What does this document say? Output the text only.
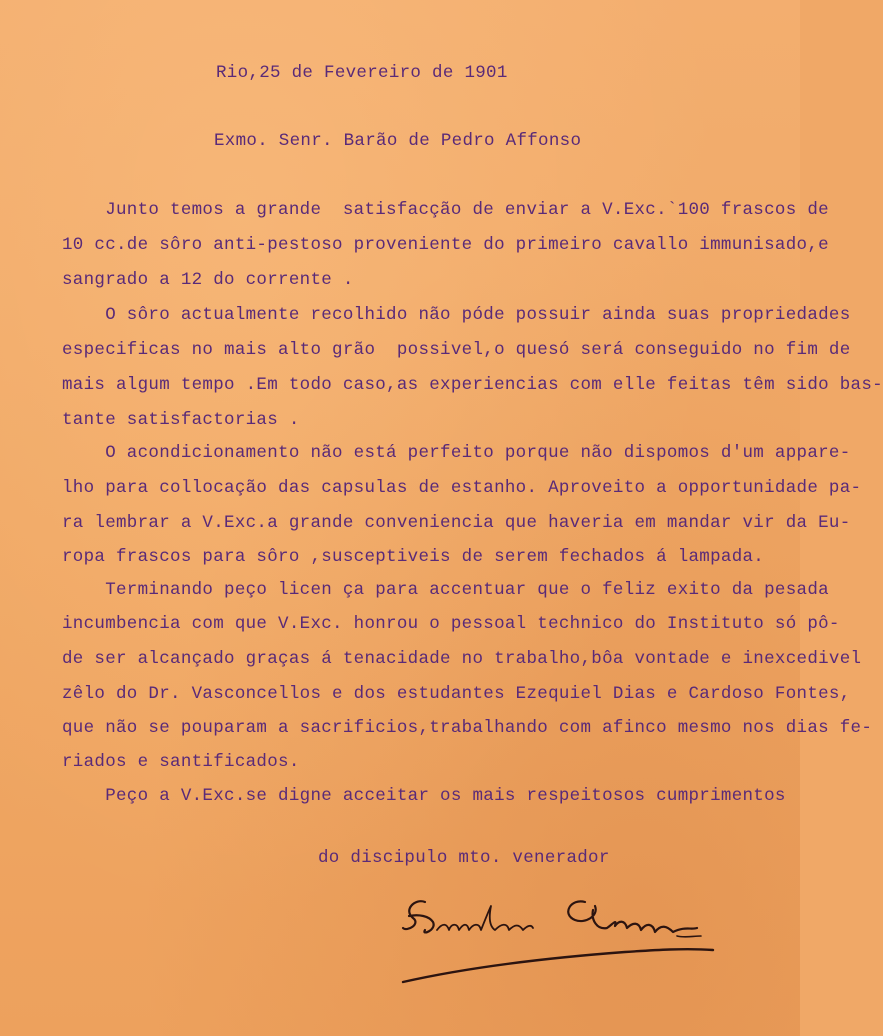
Rio,25 de Fevereiro de 1901

Exmo. Senr. Barão de Pedro Affonso

Junto temos a grande  satisfacção de enviar a V.Exc.`100 frascos de

10 cc.de sôro anti-pestoso proveniente do primeiro cavallo immunisado,e

sangrado a 12 do corrente .

O sôro actualmente recolhido não póde possuir ainda suas propriedades

especificas no mais alto grão  possivel,o quesó será conseguido no fim de

mais algum tempo .Em todo caso,as experiencias com elle feitas têm sido bas-

tante satisfactorias .

O acondicionamento não está perfeito porque não dispomos d'um appare-

lho para collocação das capsulas de estanho. Aproveito a opportunidade pa-

ra lembrar a V.Exc.a grande conveniencia que haveria em mandar vir da Eu-

ropa frascos para sôro ,susceptiveis de serem fechados á lampada.

Terminando peço licen ça para accentuar que o feliz exito da pesada

incumbencia com que V.Exc. honrou o pessoal technico do Instituto só pô-

de ser alcançado graças á tenacidade no trabalho,bôa vontade e inexcedivel

zêlo do Dr. Vasconcellos e dos estudantes Ezequiel Dias e Cardoso Fontes,

que não se pouparam a sacrificios,trabalhando com afinco mesmo nos dias fe-

riados e santificados.

Peço a V.Exc.se digne acceitar os mais respeitosos cumprimentos

do discipulo mto. venerador
